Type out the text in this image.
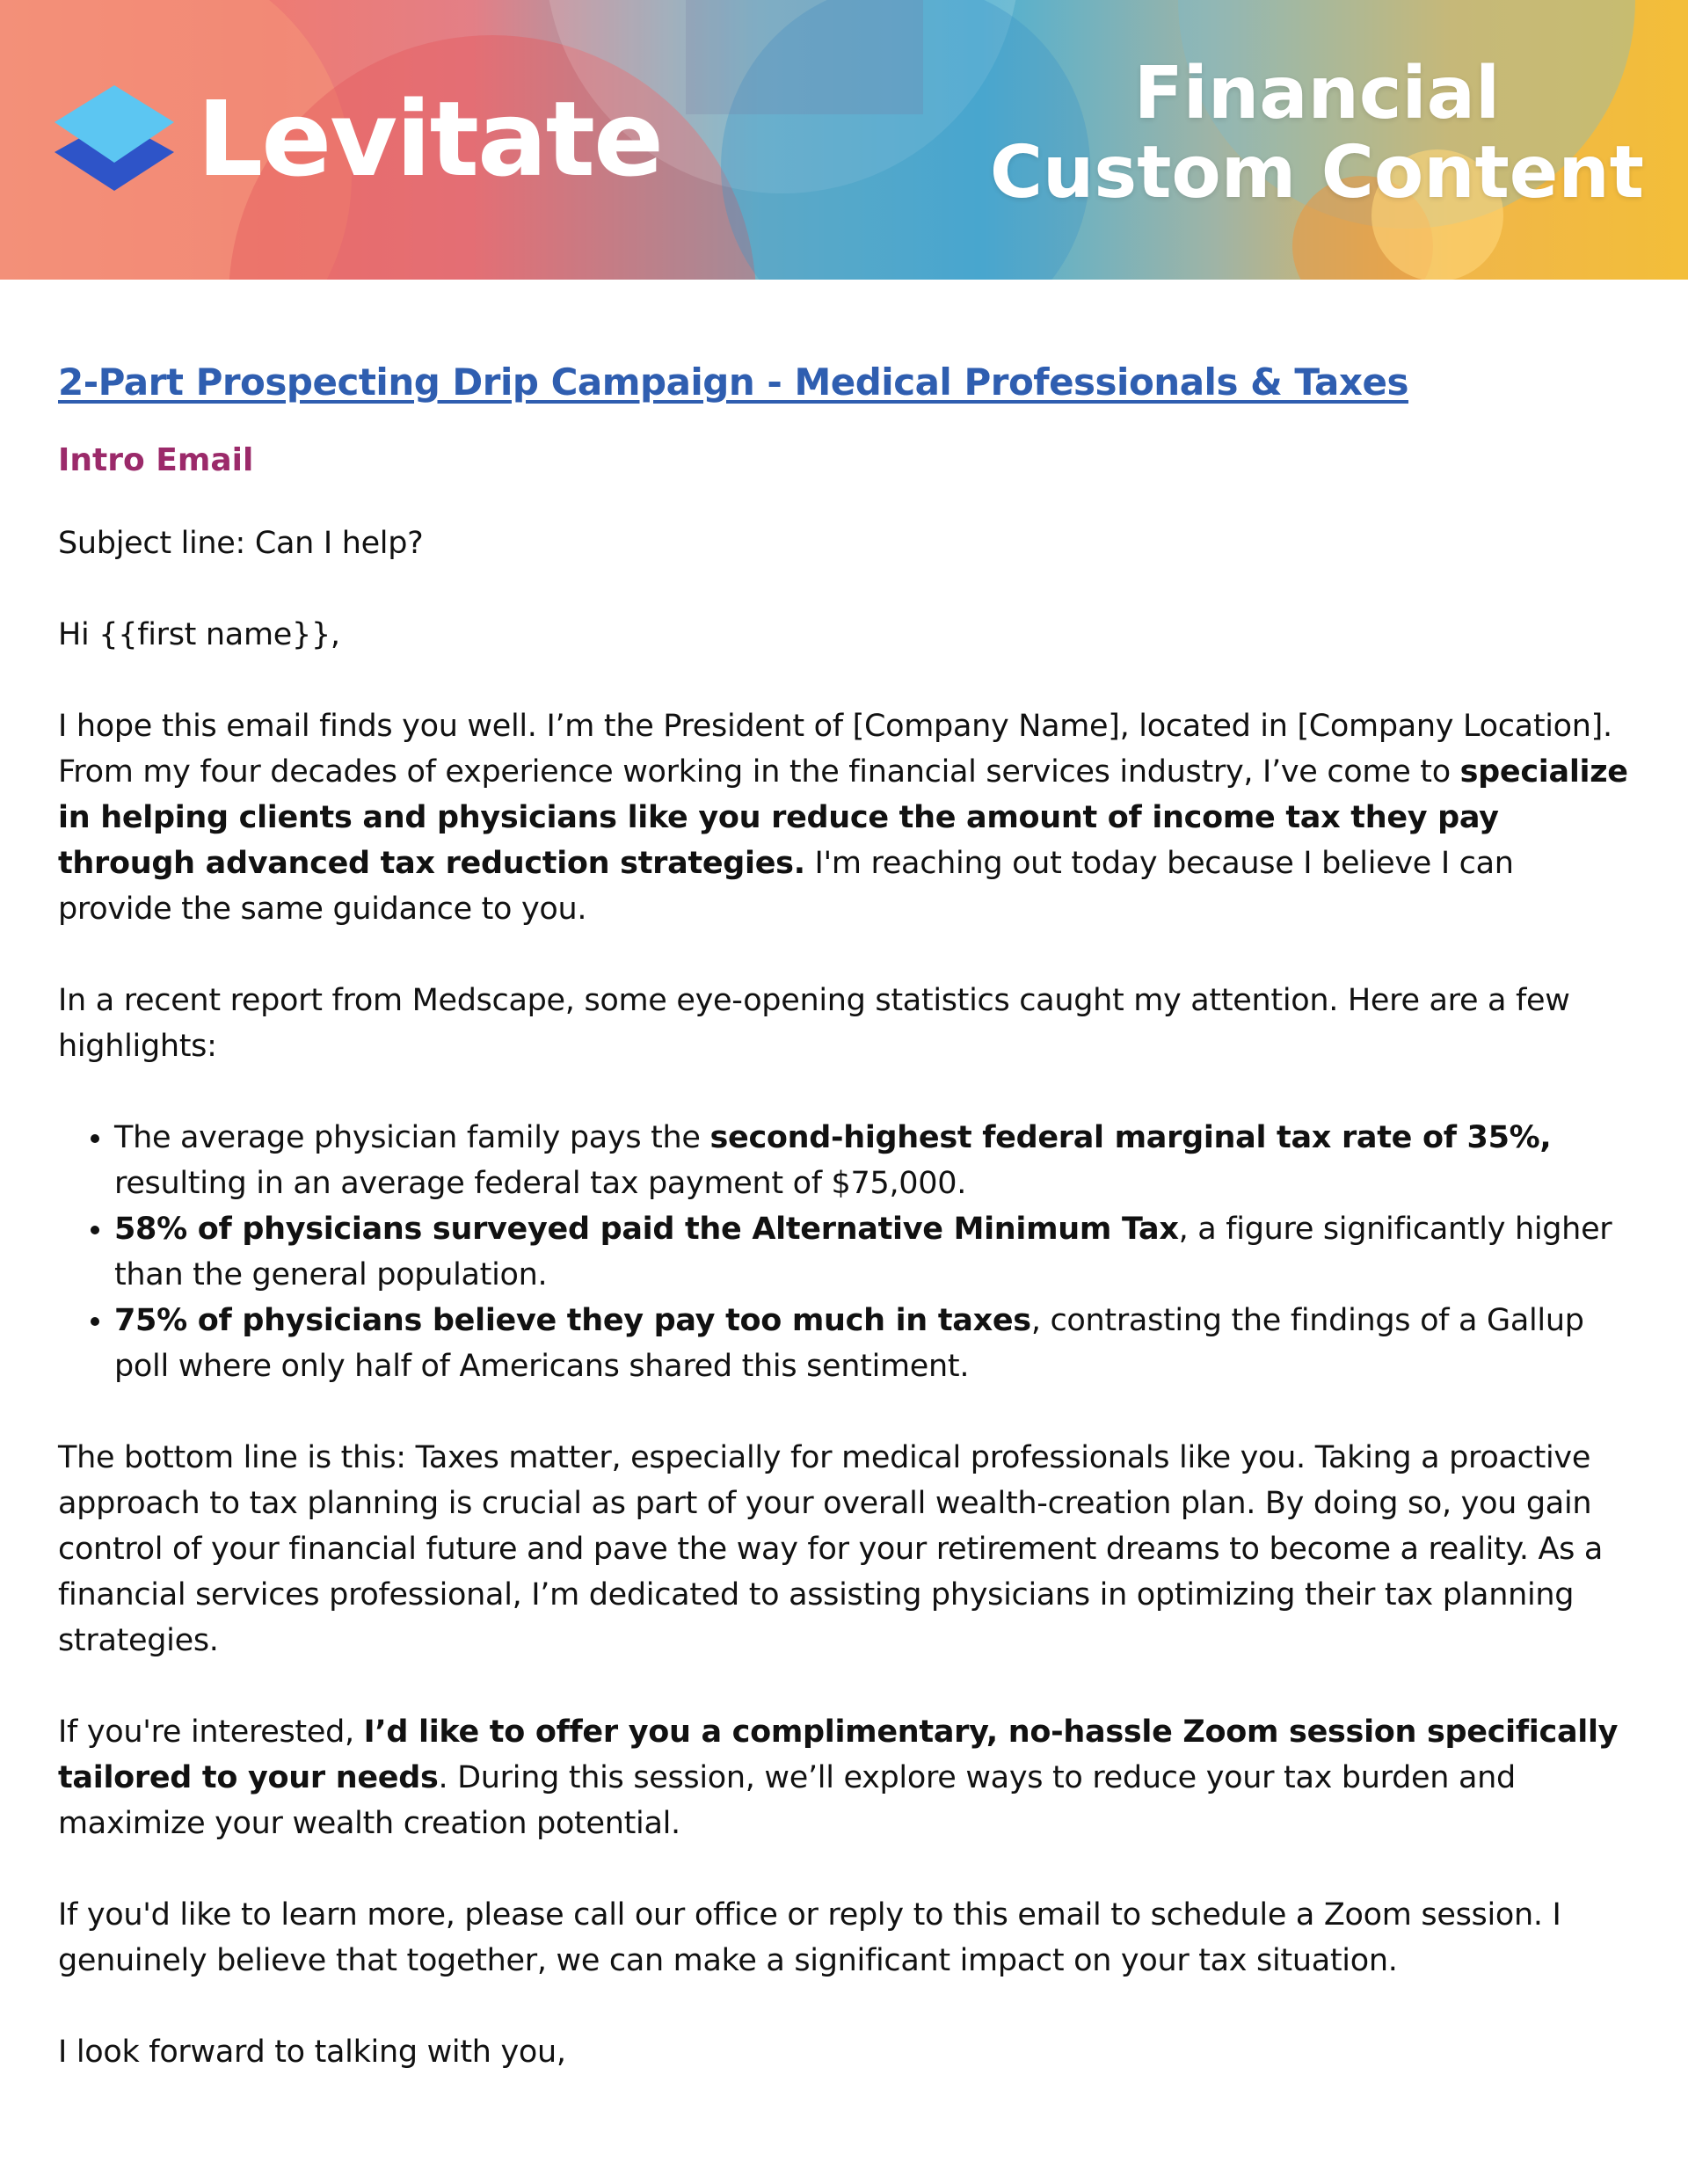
Levitate	Financial
Custom Content
2-Part Prospecting Drip Campaign - Medical Professionals & Taxes
Intro Email

Subject line: Can I help?

Hi {{first name}},

I hope this email finds you well. I’m the President of [Company Name], located in [Company Location]. From my four decades of experience working in the financial services industry, I’ve come to specialize in helping clients and physicians like you reduce the amount of income tax they pay through advanced tax reduction strategies. I'm reaching out today because I believe I can provide the same guidance to you.

In a recent report from Medscape, some eye-opening statistics caught my attention. Here are a few highlights:

• The average physician family pays the second-highest federal marginal tax rate of 35%, resulting in an average federal tax payment of $75,000.
• 58% of physicians surveyed paid the Alternative Minimum Tax, a figure significantly higher than the general population.
• 75% of physicians believe they pay too much in taxes, contrasting the findings of a Gallup poll where only half of Americans shared this sentiment.

The bottom line is this: Taxes matter, especially for medical professionals like you. Taking a proactive approach to tax planning is crucial as part of your overall wealth-creation plan. By doing so, you gain control of your financial future and pave the way for your retirement dreams to become a reality. As a financial services professional, I’m dedicated to assisting physicians in optimizing their tax planning strategies.

If you're interested, I’d like to offer you a complimentary, no-hassle Zoom session specifically tailored to your needs. During this session, we’ll explore ways to reduce your tax burden and maximize your wealth creation potential.

If you'd like to learn more, please call our office or reply to this email to schedule a Zoom session. I genuinely believe that together, we can make a significant impact on your tax situation.

I look forward to talking with you,
